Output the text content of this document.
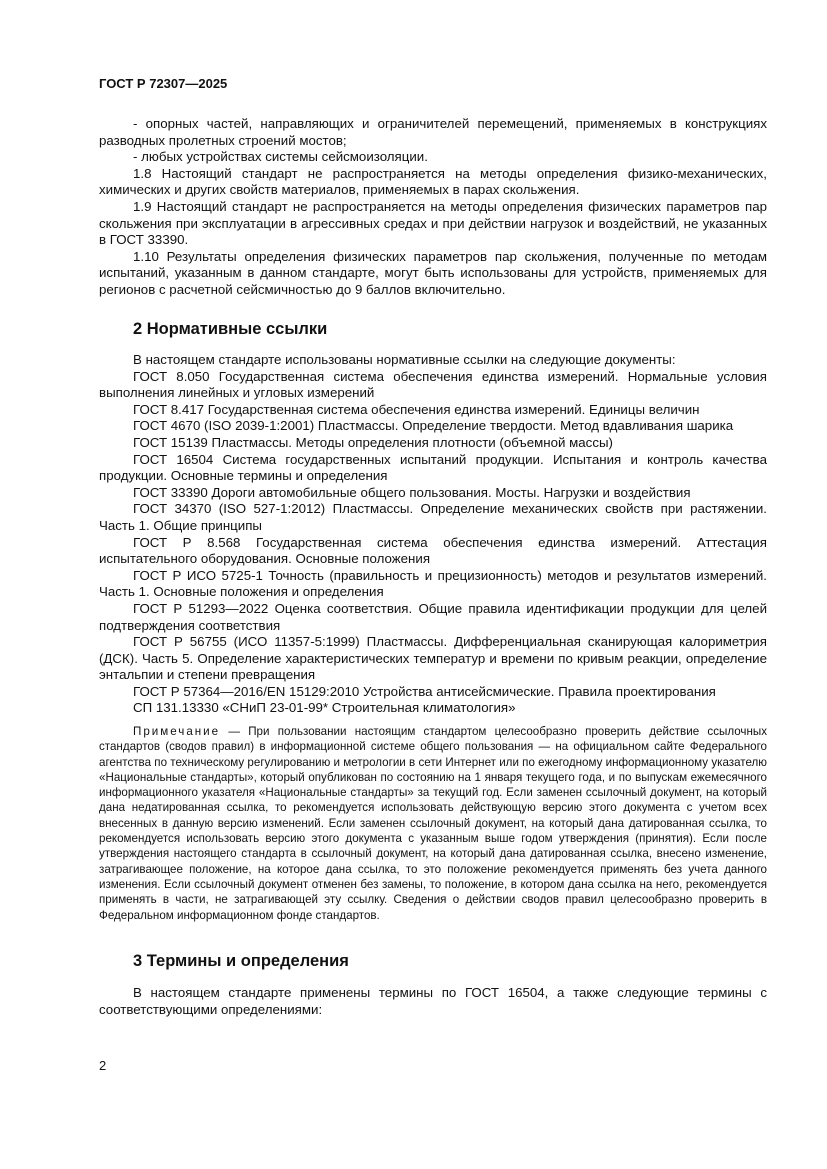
ГОСТ Р 72307—2025

- опорных частей, направляющих и ограничителей перемещений, применяемых в конструкциях разводных пролетных строений мостов;

- любых устройствах системы сейсмоизоляции.

1.8 Настоящий стандарт не распространяется на методы определения физико-механических, химических и других свойств материалов, применяемых в парах скольжения.

1.9 Настоящий стандарт не распространяется на методы определения физических параметров пар скольжения при эксплуатации в агрессивных средах и при действии нагрузок и воздействий, не указанных в ГОСТ 33390.

1.10 Результаты определения физических параметров пар скольжения, полученные по методам испытаний, указанным в данном стандарте, могут быть использованы для устройств, применяемых для регионов с расчетной сейсмичностью до 9 баллов включительно.

2 Нормативные ссылки

В настоящем стандарте использованы нормативные ссылки на следующие документы:

ГОСТ 8.050 Государственная система обеспечения единства измерений. Нормальные условия выполнения линейных и угловых измерений

ГОСТ 8.417 Государственная система обеспечения единства измерений. Единицы величин

ГОСТ 4670 (ISO 2039-1:2001) Пластмассы. Определение твердости. Метод вдавливания шарика

ГОСТ 15139 Пластмассы. Методы определения плотности (объемной массы)

ГОСТ 16504 Система государственных испытаний продукции. Испытания и контроль качества продукции. Основные термины и определения

ГОСТ 33390 Дороги автомобильные общего пользования. Мосты. Нагрузки и воздействия

ГОСТ 34370 (ISO 527-1:2012) Пластмассы. Определение механических свойств при растяжении. Часть 1. Общие принципы

ГОСТ Р 8.568 Государственная система обеспечения единства измерений. Аттестация испытательного оборудования. Основные положения

ГОСТ Р ИСО 5725-1 Точность (правильность и прецизионность) методов и результатов измерений. Часть 1. Основные положения и определения

ГОСТ Р 51293—2022 Оценка соответствия. Общие правила идентификации продукции для целей подтверждения соответствия

ГОСТ Р 56755 (ИСО 11357-5:1999) Пластмассы. Дифференциальная сканирующая калориметрия (ДСК). Часть 5. Определение характеристических температур и времени по кривым реакции, определение энтальпии и степени превращения

ГОСТ Р 57364—2016/EN 15129:2010 Устройства антисейсмические. Правила проектирования

СП 131.13330 «СНиП 23-01-99* Строительная климатология»

Примечание — При пользовании настоящим стандартом целесообразно проверить действие ссылочных стандартов (сводов правил) в информационной системе общего пользования — на официальном сайте Федерального агентства по техническому регулированию и метрологии в сети Интернет или по ежегодному информационному указателю «Национальные стандарты», который опубликован по состоянию на 1 января текущего года, и по выпускам ежемесячного информационного указателя «Национальные стандарты» за текущий год. Если заменен ссылочный документ, на который дана недатированная ссылка, то рекомендуется использовать действующую версию этого документа с учетом всех внесенных в данную версию изменений. Если заменен ссылочный документ, на который дана датированная ссылка, то рекомендуется использовать версию этого документа с указанным выше годом утверждения (принятия). Если после утверждения настоящего стандарта в ссылочный документ, на который дана датированная ссылка, внесено изменение, затрагивающее положение, на которое дана ссылка, то это положение рекомендуется применять без учета данного изменения. Если ссылочный документ отменен без замены, то положение, в котором дана ссылка на него, рекомендуется применять в части, не затрагивающей эту ссылку. Сведения о действии сводов правил целесообразно проверить в Федеральном информационном фонде стандартов.

3 Термины и определения

В настоящем стандарте применены термины по ГОСТ 16504, а также следующие термины с соответствующими определениями:

2
